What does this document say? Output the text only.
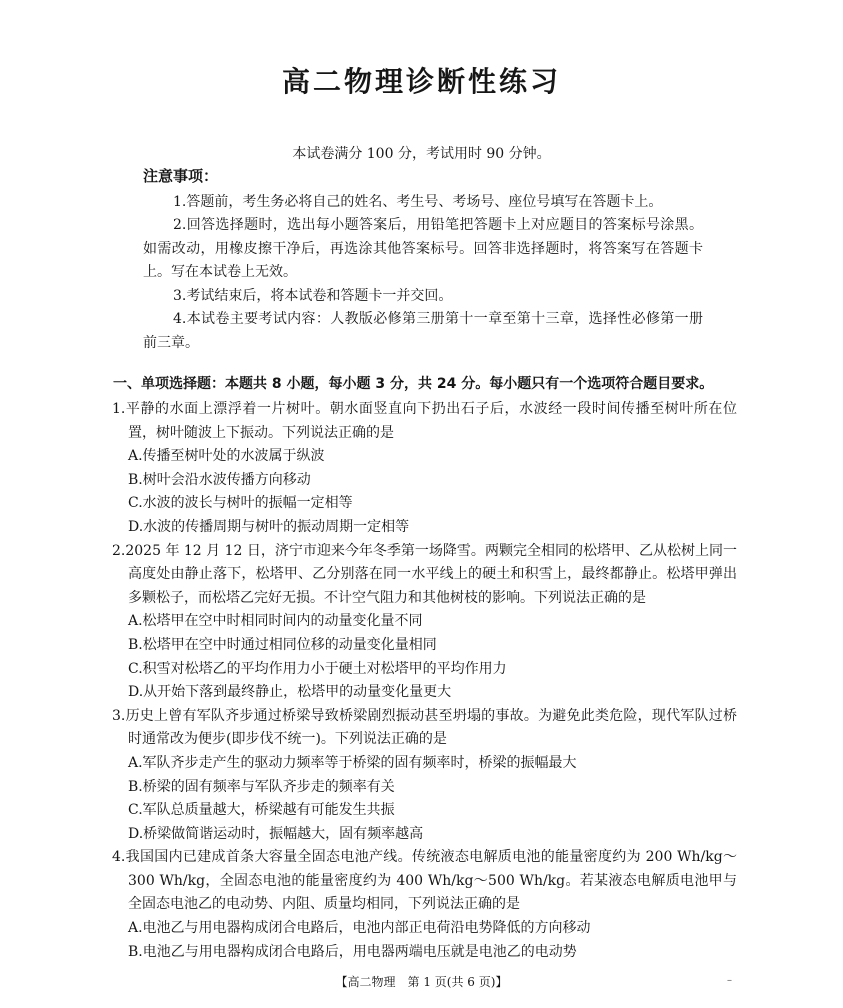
高二物理诊断性练习
本试卷满分 100 分，考试用时 90 分钟。
注意事项：
1.答题前，考生务必将自己的姓名、考生号、考场号、座位号填写在答题卡上。
2.回答选择题时，选出每小题答案后，用铅笔把答题卡上对应题目的答案标号涂黑。如需改动，用橡皮擦干净后，再选涂其他答案标号。回答非选择题时，将答案写在答题卡上。写在本试卷上无效。
3.考试结束后，将本试卷和答题卡一并交回。
4.本试卷主要考试内容：人教版必修第三册第十一章至第十三章，选择性必修第一册前三章。
一、单项选择题：本题共 8 小题，每小题 3 分，共 24 分。每小题只有一个选项符合题目要求。
1.平静的水面上漂浮着一片树叶。朝水面竖直向下扔出石子后，水波经一段时间传播至树叶所在位置，树叶随波上下振动。下列说法正确的是
A.传播至树叶处的水波属于纵波
B.树叶会沿水波传播方向移动
C.水波的波长与树叶的振幅一定相等
D.水波的传播周期与树叶的振动周期一定相等
2.2025 年 12 月 12 日，济宁市迎来今年冬季第一场降雪。两颗完全相同的松塔甲、乙从松树上同一高度处由静止落下，松塔甲、乙分别落在同一水平线上的硬土和积雪上，最终都静止。松塔甲弹出多颗松子，而松塔乙完好无损。不计空气阻力和其他树枝的影响。下列说法正确的是
A.松塔甲在空中时相同时间内的动量变化量不同
B.松塔甲在空中时通过相同位移的动量变化量相同
C.积雪对松塔乙的平均作用力小于硬土对松塔甲的平均作用力
D.从开始下落到最终静止，松塔甲的动量变化量更大
3.历史上曾有军队齐步通过桥梁导致桥梁剧烈振动甚至坍塌的事故。为避免此类危险，现代军队过桥时通常改为便步(即步伐不统一)。下列说法正确的是
A.军队齐步走产生的驱动力频率等于桥梁的固有频率时，桥梁的振幅最大
B.桥梁的固有频率与军队齐步走的频率有关
C.军队总质量越大，桥梁越有可能发生共振
D.桥梁做简谐运动时，振幅越大，固有频率越高
4.我国国内已建成首条大容量全固态电池产线。传统液态电解质电池的能量密度约为 200 Wh/kg～300 Wh/kg，全固态电池的能量密度约为 400 Wh/kg～500 Wh/kg。若某液态电解质电池甲与全固态电池乙的电动势、内阻、质量均相同，下列说法正确的是
A.电池乙与用电器构成闭合电路后，电池内部正电荷沿电势降低的方向移动
B.电池乙与用电器构成闭合电路后，用电器两端电压就是电池乙的电动势
【高二物理　第 1 页(共 6 页)】	–
